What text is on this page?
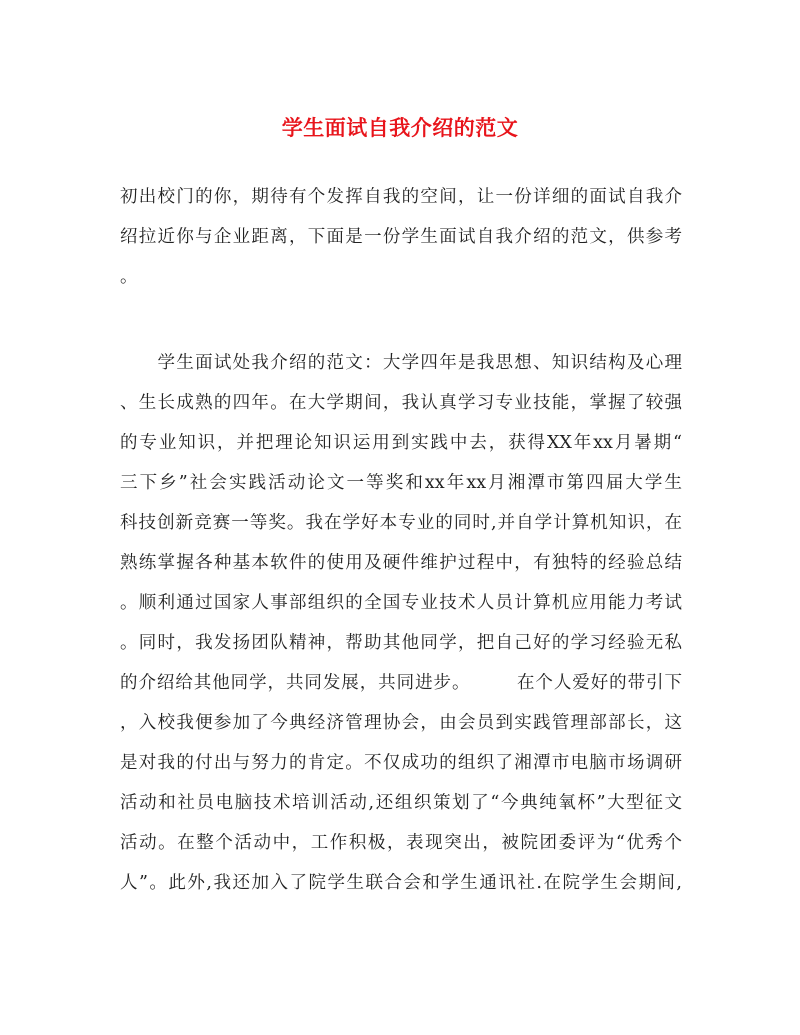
学生面试自我介绍的范文
初出校门的你，期待有个发挥自我的空间，让一份详细的面试自我介
绍拉近你与企业距离，下面是一份学生面试自我介绍的范文，供参考
。
　　学生面试处我介绍的范文：大学四年是我思想、知识结构及心理
、生长成熟的四年。在大学期间，我认真学习专业技能，掌握了较强
的专业知识，并把理论知识运用到实践中去，获得XX年xx月暑期“
三下乡”社会实践活动论文一等奖和xx年xx月湘潭市第四届大学生
科技创新竞赛一等奖。我在学好本专业的同时,并自学计算机知识，在
熟练掌握各种基本软件的使用及硬件维护过程中，有独特的经验总结
。顺利通过国家人事部组织的全国专业技术人员计算机应用能力考试
。同时，我发扬团队精神，帮助其他同学，把自己好的学习经验无私
的介绍给其他同学，共同发展，共同进步。　　　在个人爱好的带引下
，入校我便参加了今典经济管理协会，由会员到实践管理部部长，这
是对我的付出与努力的肯定。不仅成功的组织了湘潭市电脑市场调研
活动和社员电脑技术培训活动,还组织策划了“今典纯氧杯”大型征文
活动。在整个活动中，工作积极，表现突出，被院团委评为“优秀个
人”。此外,我还加入了院学生联合会和学生通讯社.在院学生会期间,
